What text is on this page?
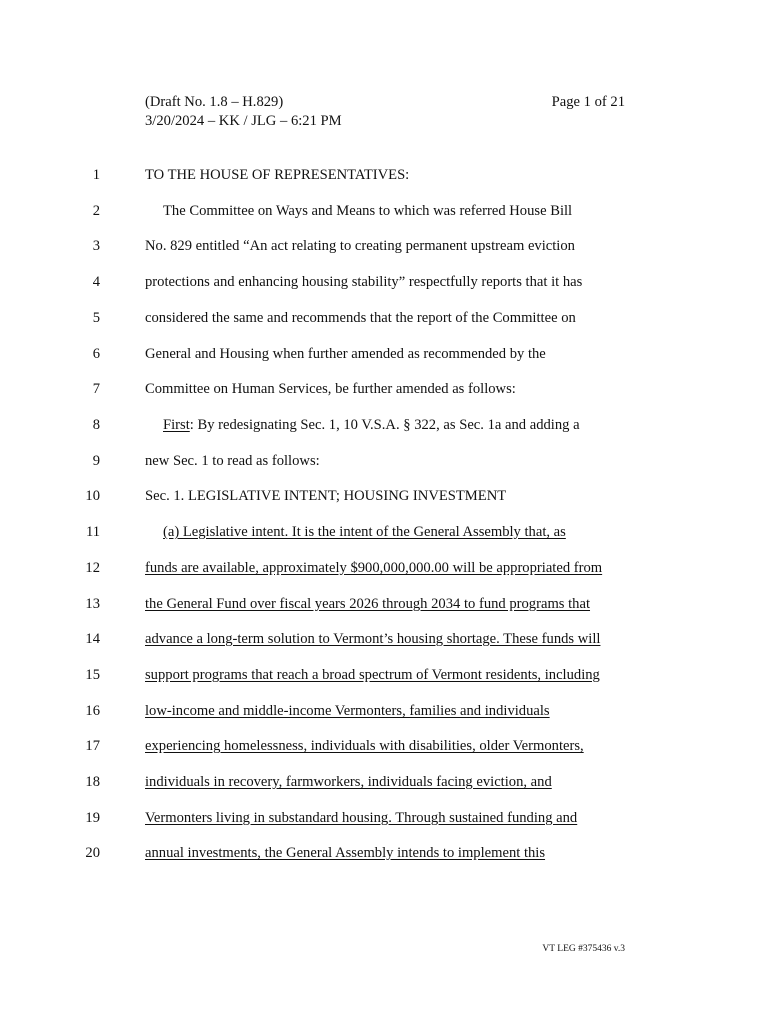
(Draft No. 1.8 – H.829)
3/20/2024 – KK / JLG – 6:21 PM
Page 1 of 21
1	TO THE HOUSE OF REPRESENTATIVES:
2	The Committee on Ways and Means to which was referred House Bill
3	No. 829 entitled “An act relating to creating permanent upstream eviction
4	protections and enhancing housing stability” respectfully reports that it has
5	considered the same and recommends that the report of the Committee on
6	General and Housing when further amended as recommended by the
7	Committee on Human Services, be further amended as follows:
8	First: By redesignating Sec. 1, 10 V.S.A. § 322, as Sec. 1a and adding a
9	new Sec. 1 to read as follows:
10	Sec. 1. LEGISLATIVE INTENT; HOUSING INVESTMENT
11	(a) Legislative intent. It is the intent of the General Assembly that, as
12	funds are available, approximately $900,000,000.00 will be appropriated from
13	the General Fund over fiscal years 2026 through 2034 to fund programs that
14	advance a long-term solution to Vermont’s housing shortage. These funds will
15	support programs that reach a broad spectrum of Vermont residents, including
16	low-income and middle-income Vermonters, families and individuals
17	experiencing homelessness, individuals with disabilities, older Vermonters,
18	individuals in recovery, farmworkers, individuals facing eviction, and
19	Vermonters living in substandard housing. Through sustained funding and
20	annual investments, the General Assembly intends to implement this
VT LEG #375436 v.3
